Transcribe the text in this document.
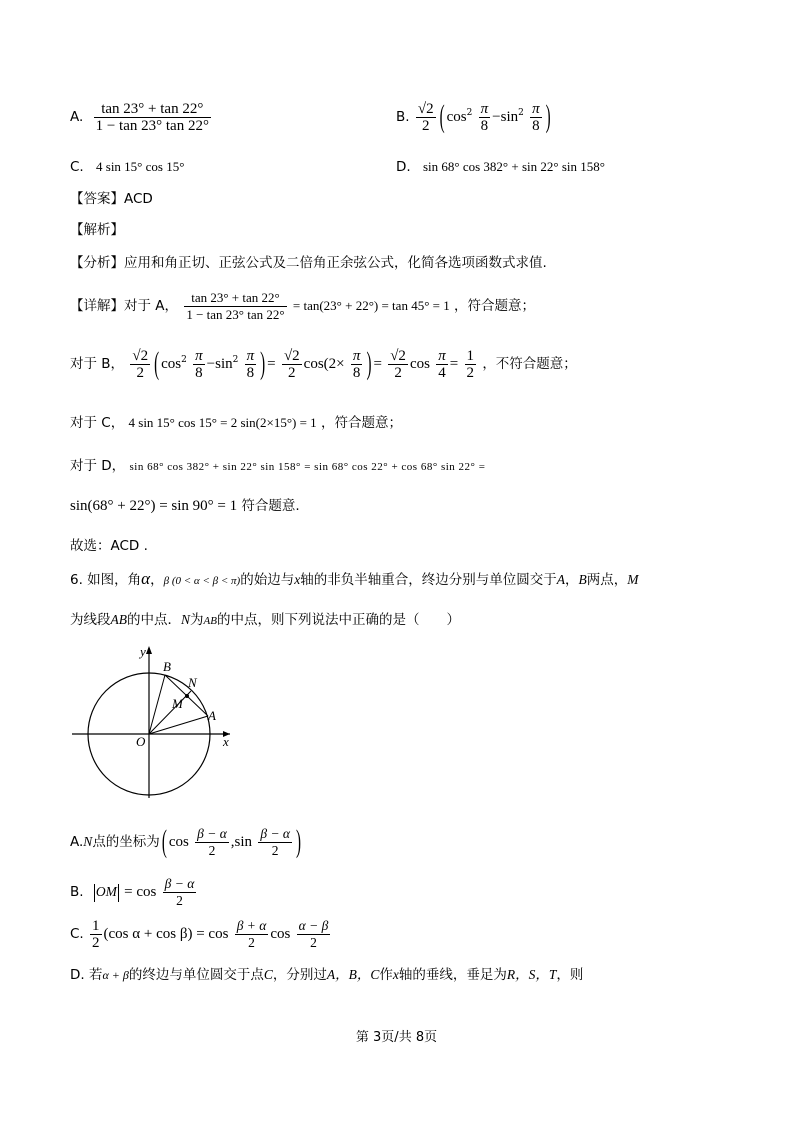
A. $\frac{\tan 23^\circ + \tan 22^\circ}{1 - \tan 23^\circ \tan 22^\circ}$	B. $\frac{√2}{2}$ ( $\cos^2 \frac{\pi}{8} -\sin^2 \frac{\pi}{8}$ )
C. 4 sin 15° cos 15°	D. sin 68° cos 382° + sin 22° sin 158°
【答案】ACD
【解析】
【分析】应用和角正切、正弦公式及二倍角正余弦公式，化简各选项函数式求值.
【详解】对于 A， $\frac{\tan 23^\circ + \tan 22^\circ}{1 - \tan 23^\circ \tan 22^\circ} = \tan(23^\circ + 22^\circ) = \tan 45^\circ = 1$ ，符合题意；
对于 B， $\frac{√2}{2}$ ( $\cos^2 \frac{\pi}{8} -\sin^2 \frac{\pi}{8}$ ) = $\frac{√2}{2} \cos(2\times \frac{\pi}{8}$ ) = $\frac{√2}{2}$ $\cos \frac{\pi}{4} = \frac{1}{2}$ ，不符合题意；
对于 C， 4 sin 15° cos 15° = 2 sin(2×15°) = 1 ，符合题意；
对于 D， sin 68° cos 382° + sin 22° sin 158° = sin 68° cos 22° + cos 68° sin 22° =
sin(68° + 22°) = sin 90° = 1 符合题意.
故选：ACD .
6. 如图，角α，β (0 < α < β < π)的始边与x轴的非负半轴重合，终边分别与单位圆交于A，B两点，M
为线段AB的中点．N为AB的中点，则下列说法中正确的是（　　）
N
M
B
A
O	x
y
A.N点的坐标为 ( $\cos \frac{\beta - \alpha}{2} ,\sin \frac{\beta - \alpha}{2}$ )
B. OM = $\cos \frac{\beta - \alpha}{2}$
C. $\frac{1}{2} (\cos$ $\alpha + \cos \beta) = \cos \frac{\beta + \alpha}{2}$ $\cos \frac{\alpha - \beta}{2}$
D. 若α + β的终边与单位圆交于点C，分别过A，B，C作x轴的垂线，垂足为R，S，T，则
第 3页/共 8页
